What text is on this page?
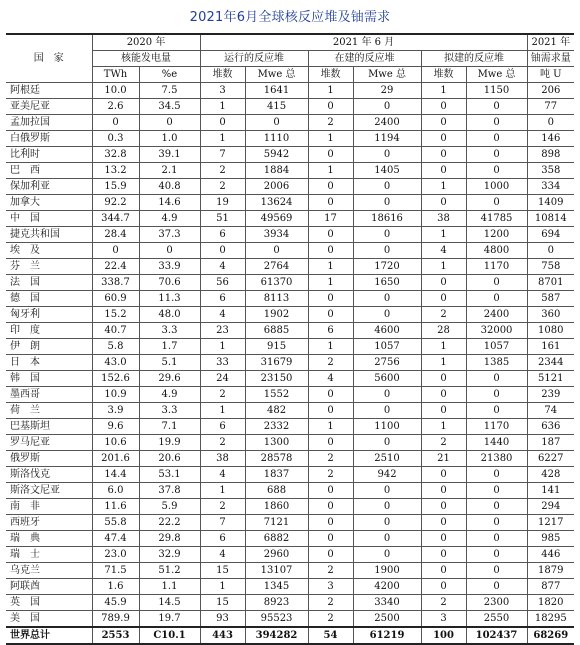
2021年6月全球核反应堆及铀需求
国　家	2020 年		2021 年 6 月						2021 年
	核能发电量		运行的反应堆		在建的反应堆		拟建的反应堆		铀需求量
	TWh	%e	堆数	Mwe 总	堆数	Mwe 总	堆数	Mwe 总	吨 U
阿根廷	10.0	7.5	3	1641	1	29	1	1150	206
亚美尼亚	2.6	34.5	1	415	0	0	0	0	77
孟加拉国	0	0	0	0	2	2400	0	0	0
白俄罗斯	0.3	1.0	1	1110	1	1194	0	0	146
比利时	32.8	39.1	7	5942	0	0	0	0	898
巴　西	13.2	2.1	2	1884	1	1405	0	0	358
保加利亚	15.9	40.8	2	2006	0	0	1	1000	334
加拿大	92.2	14.6	19	13624	0	0	0	0	1409
中　国	344.7	4.9	51	49569	17	18616	38	41785	10814
捷克共和国	28.4	37.3	6	3934	0	0	1	1200	694
埃　及	0	0	0	0	0	0	4	4800	0
芬　兰	22.4	33.9	4	2764	1	1720	1	1170	758
法　国	338.7	70.6	56	61370	1	1650	0	0	8701
德　国	60.9	11.3	6	8113	0	0	0	0	587
匈牙利	15.2	48.0	4	1902	0	0	2	2400	360
印　度	40.7	3.3	23	6885	6	4600	28	32000	1080
伊　朗	5.8	1.7	1	915	1	1057	1	1057	161
日　本	43.0	5.1	33	31679	2	2756	1	1385	2344
韩　国	152.6	29.6	24	23150	4	5600	0	0	5121
墨西哥	10.9	4.9	2	1552	0	0	0	0	239
荷　兰	3.9	3.3	1	482	0	0	0	0	74
巴基斯坦	9.6	7.1	6	2332	1	1100	1	1170	636
罗马尼亚	10.6	19.9	2	1300	0	0	2	1440	187
俄罗斯	201.6	20.6	38	28578	2	2510	21	21380	6227
斯洛伐克	14.4	53.1	4	1837	2	942	0	0	428
斯洛文尼亚	6.0	37.8	1	688	0	0	0	0	141
南　非	11.6	5.9	2	1860	0	0	0	0	294
西班牙	55.8	22.2	7	7121	0	0	0	0	1217
瑞　典	47.4	29.8	6	6882	0	0	0	0	985
瑞　士	23.0	32.9	4	2960	0	0	0	0	446
乌克兰	71.5	51.2	15	13107	2	1900	0	0	1879
阿联酋	1.6	1.1	1	1345	3	4200	0	0	877
英　国	45.9	14.5	15	8923	2	3340	2	2300	1820
美　国	789.9	19.7	93	95523	2	2500	3	2550	18295
世界总计	2553	C10.1	443	394282	54	61219	100	102437	68269
